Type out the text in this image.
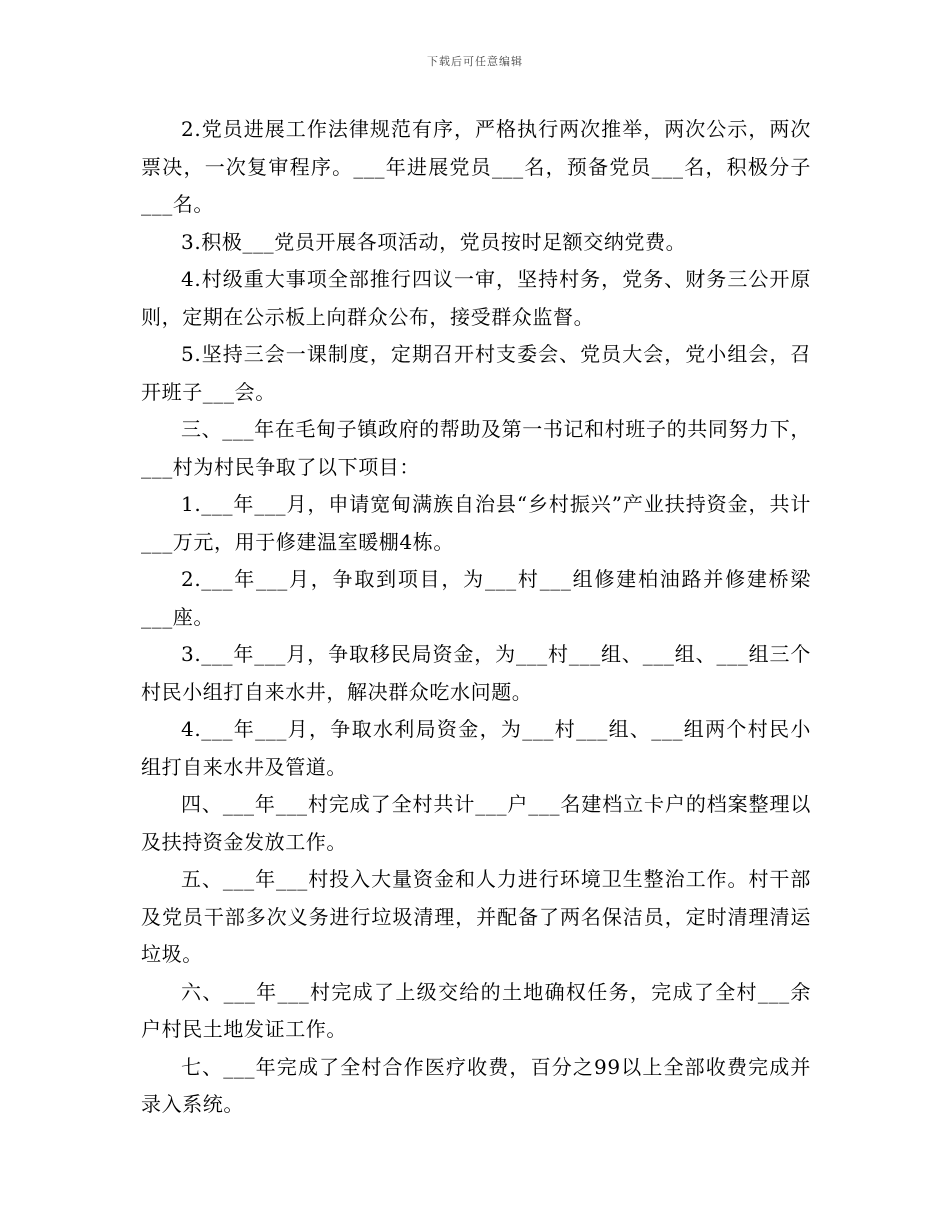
下载后可任意编辑

2.党员进展工作法律规范有序，严格执行两次推举，两次公示，两次票决，一次复审程序。___年进展党员___名，预备党员___名，积极分子___名。

3.积极___党员开展各项活动，党员按时足额交纳党费。

4.村级重大事项全部推行四议一审，坚持村务，党务、财务三公开原则，定期在公示板上向群众公布，接受群众监督。

5.坚持三会一课制度，定期召开村支委会、党员大会，党小组会，召开班子___会。

三、___年在毛甸子镇政府的帮助及第一书记和村班子的共同努力下，___村为村民争取了以下项目：

1.___年___月，申请宽甸满族自治县“乡村振兴”产业扶持资金，共计___万元，用于修建温室暖棚4栋。

2.___年___月，争取到项目，为___村___组修建柏油路并修建桥梁___座。

3.___年___月，争取移民局资金，为___村___组、___组、___组三个村民小组打自来水井，解决群众吃水问题。

4.___年___月，争取水利局资金，为___村___组、___组两个村民小组打自来水井及管道。

四、___年___村完成了全村共计___户___名建档立卡户的档案整理以及扶持资金发放工作。

五、___年___村投入大量资金和人力进行环境卫生整治工作。村干部及党员干部多次义务进行垃圾清理，并配备了两名保洁员，定时清理清运垃圾。

六、___年___村完成了上级交给的土地确权任务，完成了全村___余户村民土地发证工作。

七、___年完成了全村合作医疗收费，百分之99以上全部收费完成并录入系统。
